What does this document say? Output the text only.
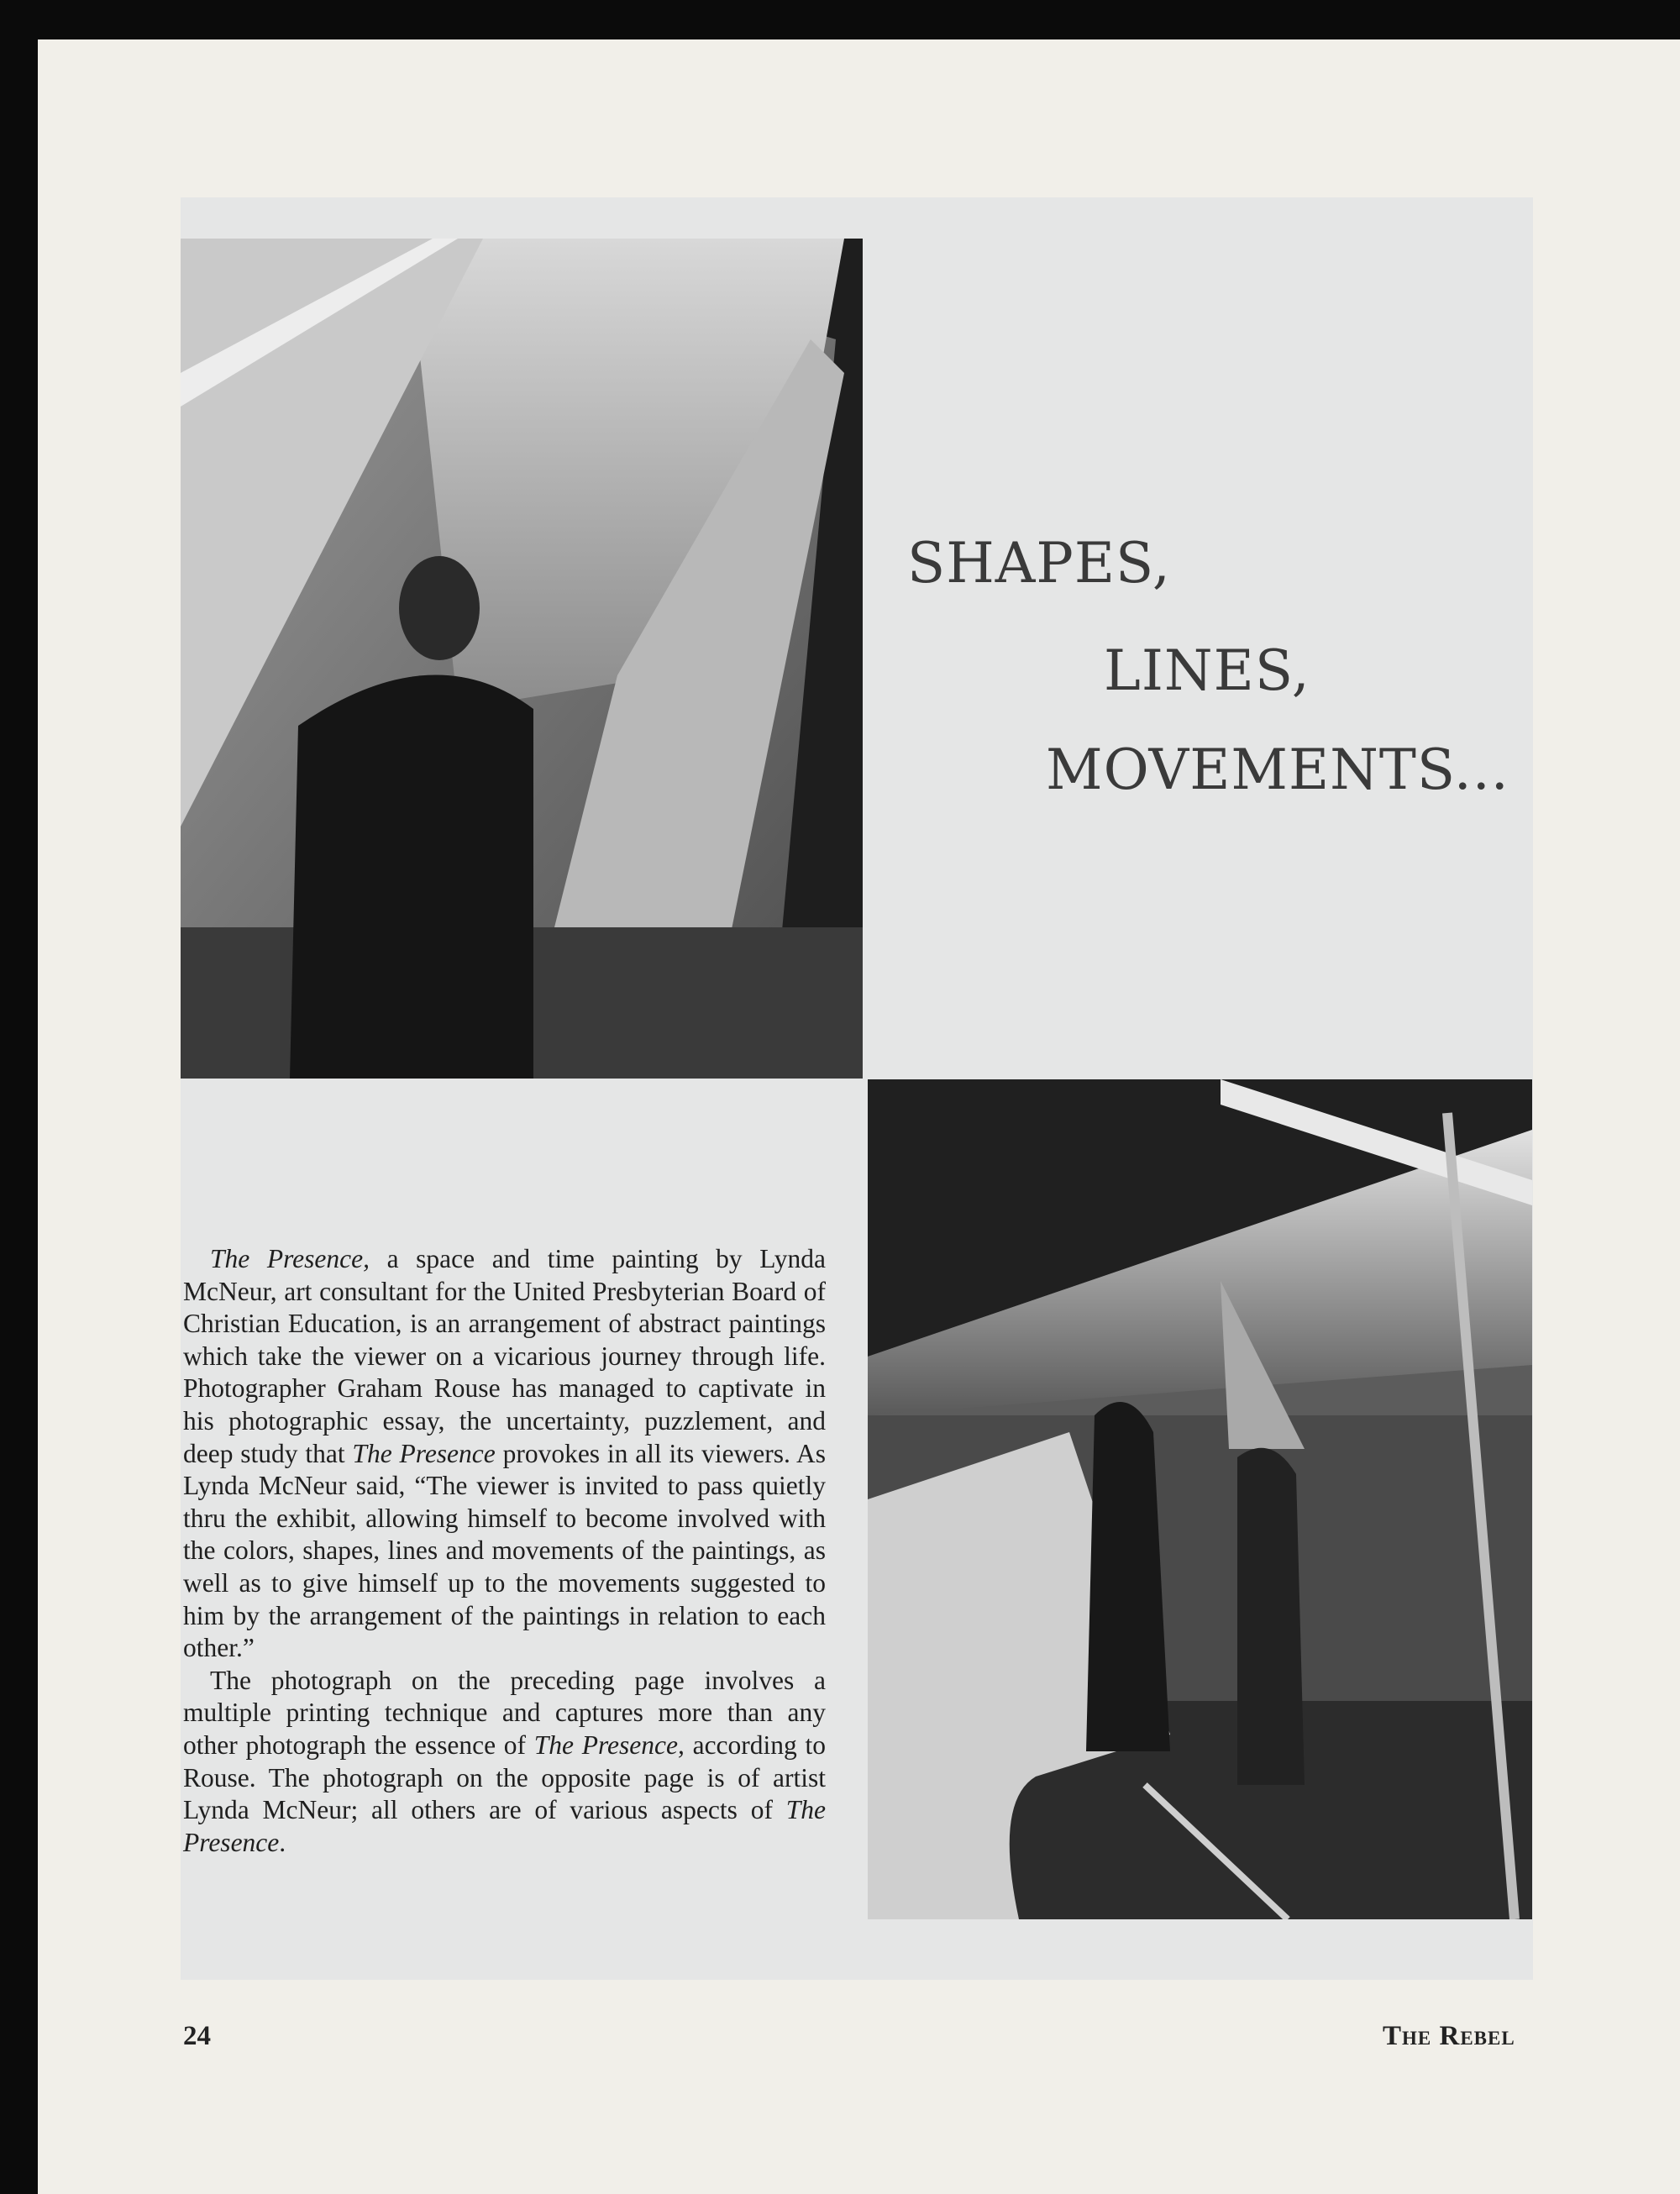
SHAPES,
LINES,
MOVEMENTS...

The Presence, a space and time painting by Lynda McNeur, art consultant for the United Presbyterian Board of Christian Education, is an arrangement of abstract paintings which take the viewer on a vicarious journey through life. Photographer Graham Rouse has managed to captivate in his photographic essay, the uncertainty, puzzlement, and deep study that The Presence provokes in all its viewers. As Lynda McNeur said, “The viewer is invited to pass quietly thru the exhibit, allowing himself to become involved with the colors, shapes, lines and movements of the paintings, as well as to give himself up to the movements suggested to him by the arrangement of the paintings in relation to each other.”

The photograph on the preceding page involves a multiple printing technique and captures more than any other photograph the essence of The Presence, according to Rouse. The photograph on the opposite page is of artist Lynda McNeur; all others are of various aspects of The Presence.

24	The Rebel
